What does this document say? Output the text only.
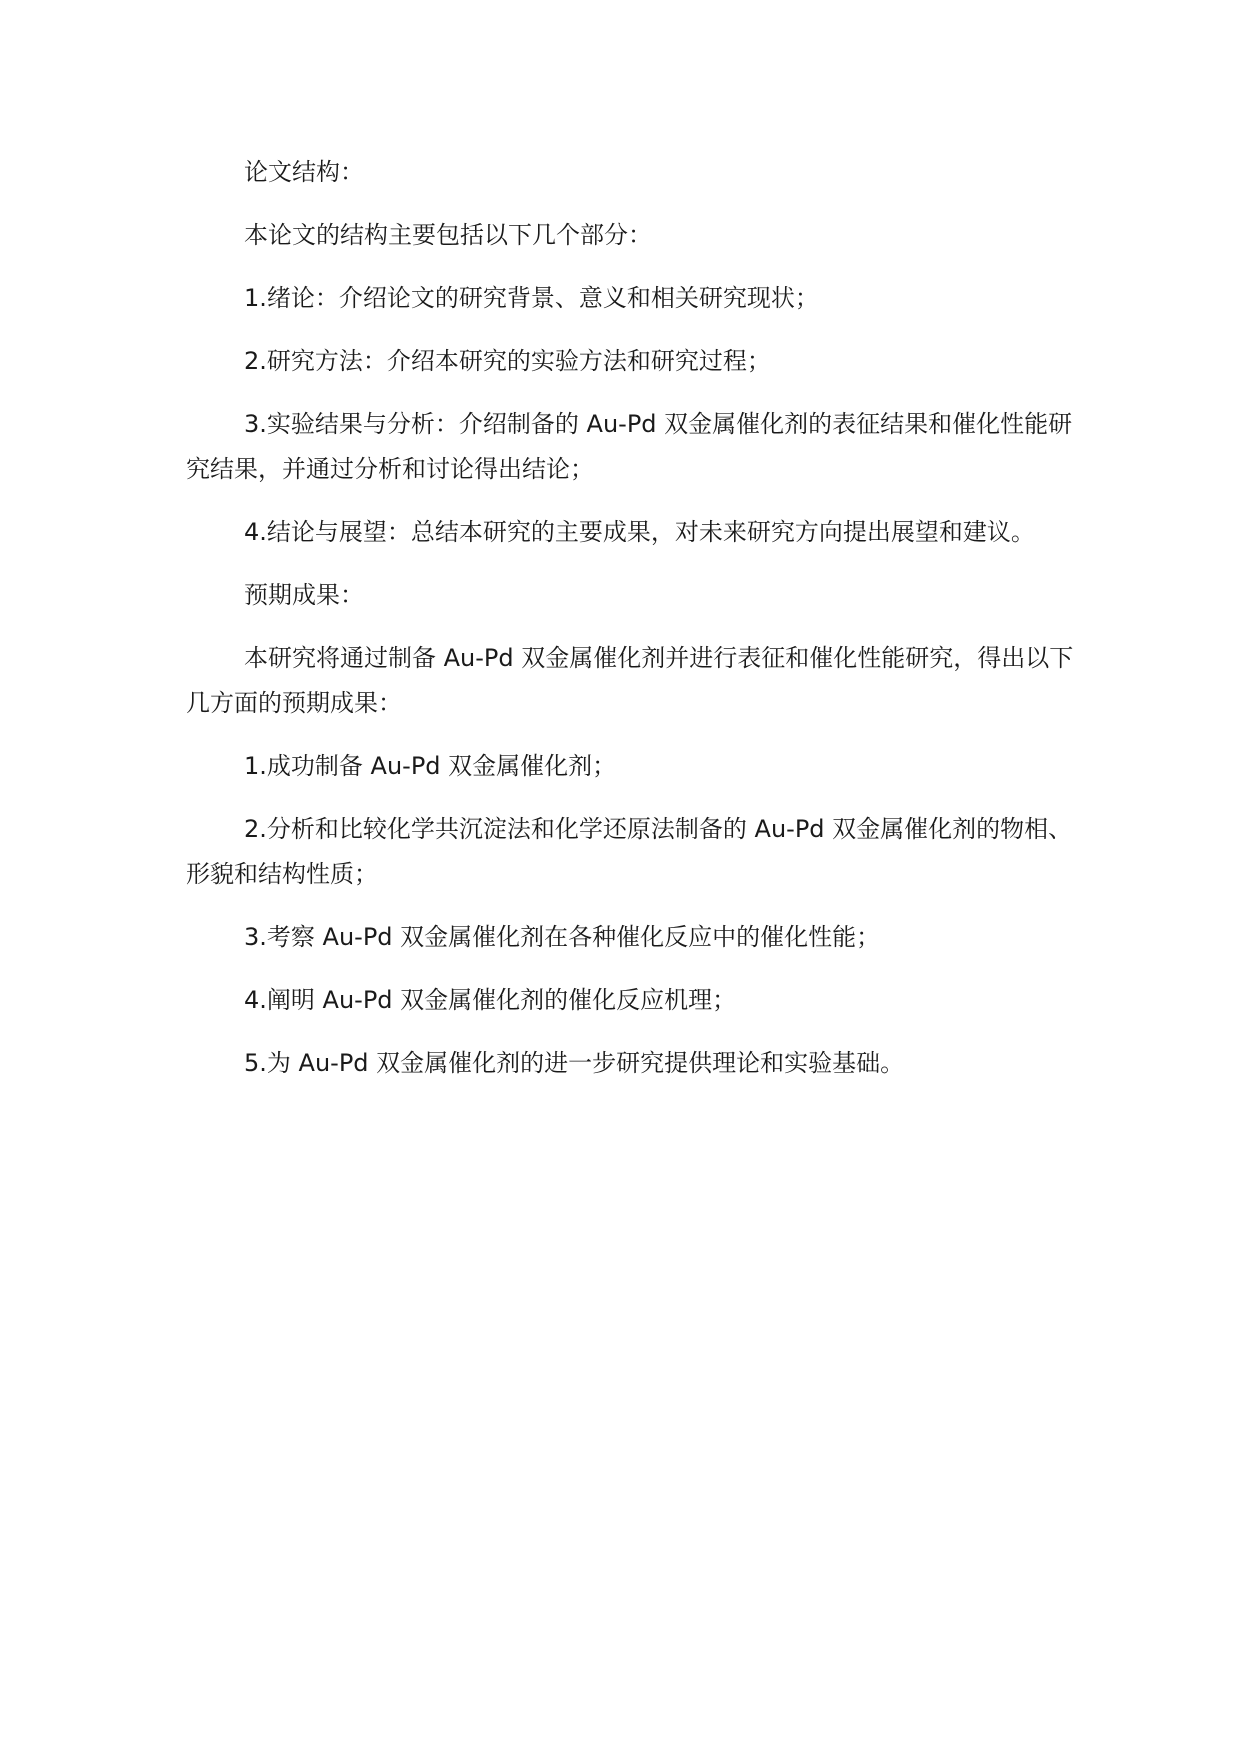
论文结构：

本论文的结构主要包括以下几个部分：

1.绪论：介绍论文的研究背景、意义和相关研究现状；

2.研究方法：介绍本研究的实验方法和研究过程；

3.实验结果与分析：介绍制备的 Au-Pd 双金属催化剂的表征结果和催化性能研究结果，并通过分析和讨论得出结论；

4.结论与展望：总结本研究的主要成果，对未来研究方向提出展望和建议。

预期成果：

本研究将通过制备 Au-Pd 双金属催化剂并进行表征和催化性能研究，得出以下几方面的预期成果：

1.成功制备 Au-Pd 双金属催化剂；

2.分析和比较化学共沉淀法和化学还原法制备的 Au-Pd 双金属催化剂的物相、形貌和结构性质；

3.考察 Au-Pd 双金属催化剂在各种催化反应中的催化性能；

4.阐明 Au-Pd 双金属催化剂的催化反应机理；

5.为 Au-Pd 双金属催化剂的进一步研究提供理论和实验基础。
